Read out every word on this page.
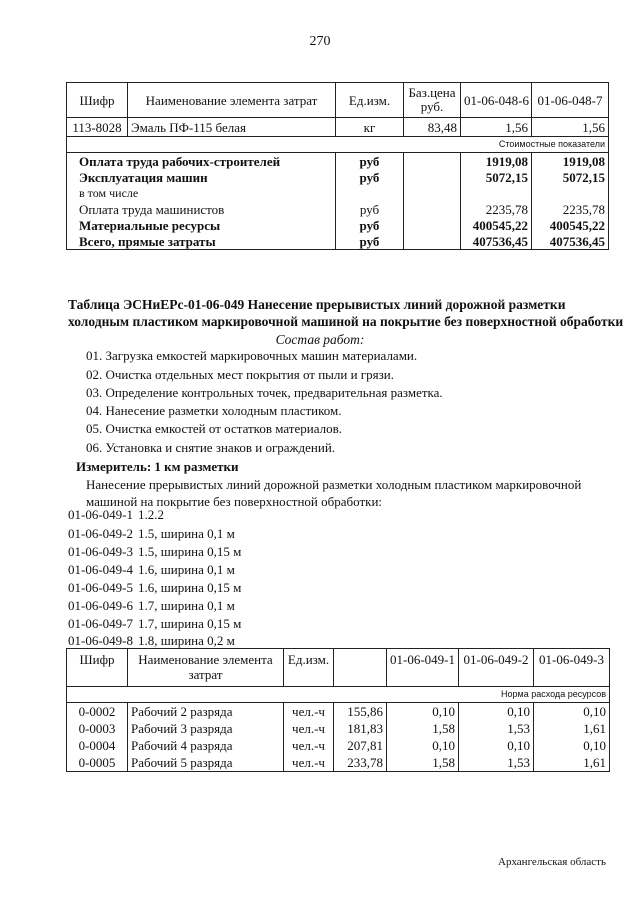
270
Шифр	Наименование элемента затрат	Ед.изм.	Баз.цена руб.	01-06-048-6	01-06-048-7
113-8028	Эмаль ПФ-115 белая	кг	83,48	1,56	1,56
Стоимостные показатели					
Оплата труда рабочих-строителей		руб		1919,08	1919,08
Эксплуатация машин		руб		5072,15	5072,15
в том числе					
Оплата труда машинистов		руб		2235,78	2235,78
Материальные ресурсы		руб		400545,22	400545,22
Всего, прямые затраты		руб		407536,45	407536,45
Таблица ЭСНиЕРс-01-06-049 Нанесение прерывистых линий дорожной разметки
холодным пластиком маркировочной машиной на покрытие без поверхностной обработки
Состав работ:
01. Загрузка емкостей маркировочных машин материалами.
02. Очистка отдельных мест покрытия от пыли и грязи.
03. Определение контрольных точек, предварительная разметка.
04. Нанесение разметки холодным пластиком.
05. Очистка емкостей от остатков материалов.
06. Установка и снятие знаков и ограждений.
Измеритель: 1 км разметки
Нанесение прерывистых линий дорожной разметки холодным пластиком маркировочной машиной на покрытие без поверхностной обработки:
01-06-049-1 1.2.2
01-06-049-2 1.5, ширина 0,1 м
01-06-049-3 1.5, ширина 0,15 м
01-06-049-4 1.6, ширина 0,1 м
01-06-049-5 1.6, ширина 0,15 м
01-06-049-6 1.7, ширина 0,1 м
01-06-049-7 1.7, ширина 0,15 м
01-06-049-8 1.8, ширина 0,2 м
Шифр	Наименование элемента затрат	Ед.изм.		01-06-049-1	01-06-049-2	01-06-049-3
Норма расхода ресурсов						
0-0002	Рабочий 2 разряда	чел.-ч	155,86	0,10	0,10	0,10
0-0003	Рабочий 3 разряда	чел.-ч	181,83	1,58	1,53	1,61
0-0004	Рабочий 4 разряда	чел.-ч	207,81	0,10	0,10	0,10
0-0005	Рабочий 5 разряда	чел.-ч	233,78	1,58	1,53	1,61
Архангельская область
